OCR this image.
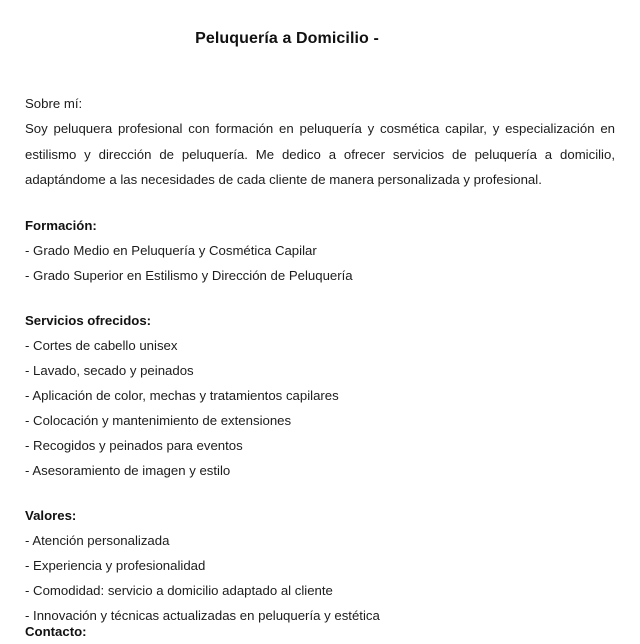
Peluquería a Domicilio -

Sobre mí:

Soy peluquera profesional con formación en peluquería y cosmética capilar, y especialización en estilismo y dirección de peluquería. Me dedico a ofrecer servicios de peluquería a domicilio, adaptándome a las necesidades de cada cliente de manera personalizada y profesional.

Formación:

- Grado Medio en Peluquería y Cosmética Capilar
- Grado Superior en Estilismo y Dirección de Peluquería

Servicios ofrecidos:

- Cortes de cabello unisex
- Lavado, secado y peinados
- Aplicación de color, mechas y tratamientos capilares
- Colocación y mantenimiento de extensiones
- Recogidos y peinados para eventos
- Asesoramiento de imagen y estilo

Valores:

- Atención personalizada
- Experiencia y profesionalidad
- Comodidad: servicio a domicilio adaptado al cliente
- Innovación y técnicas actualizadas en peluquería y estética
Contacto:
